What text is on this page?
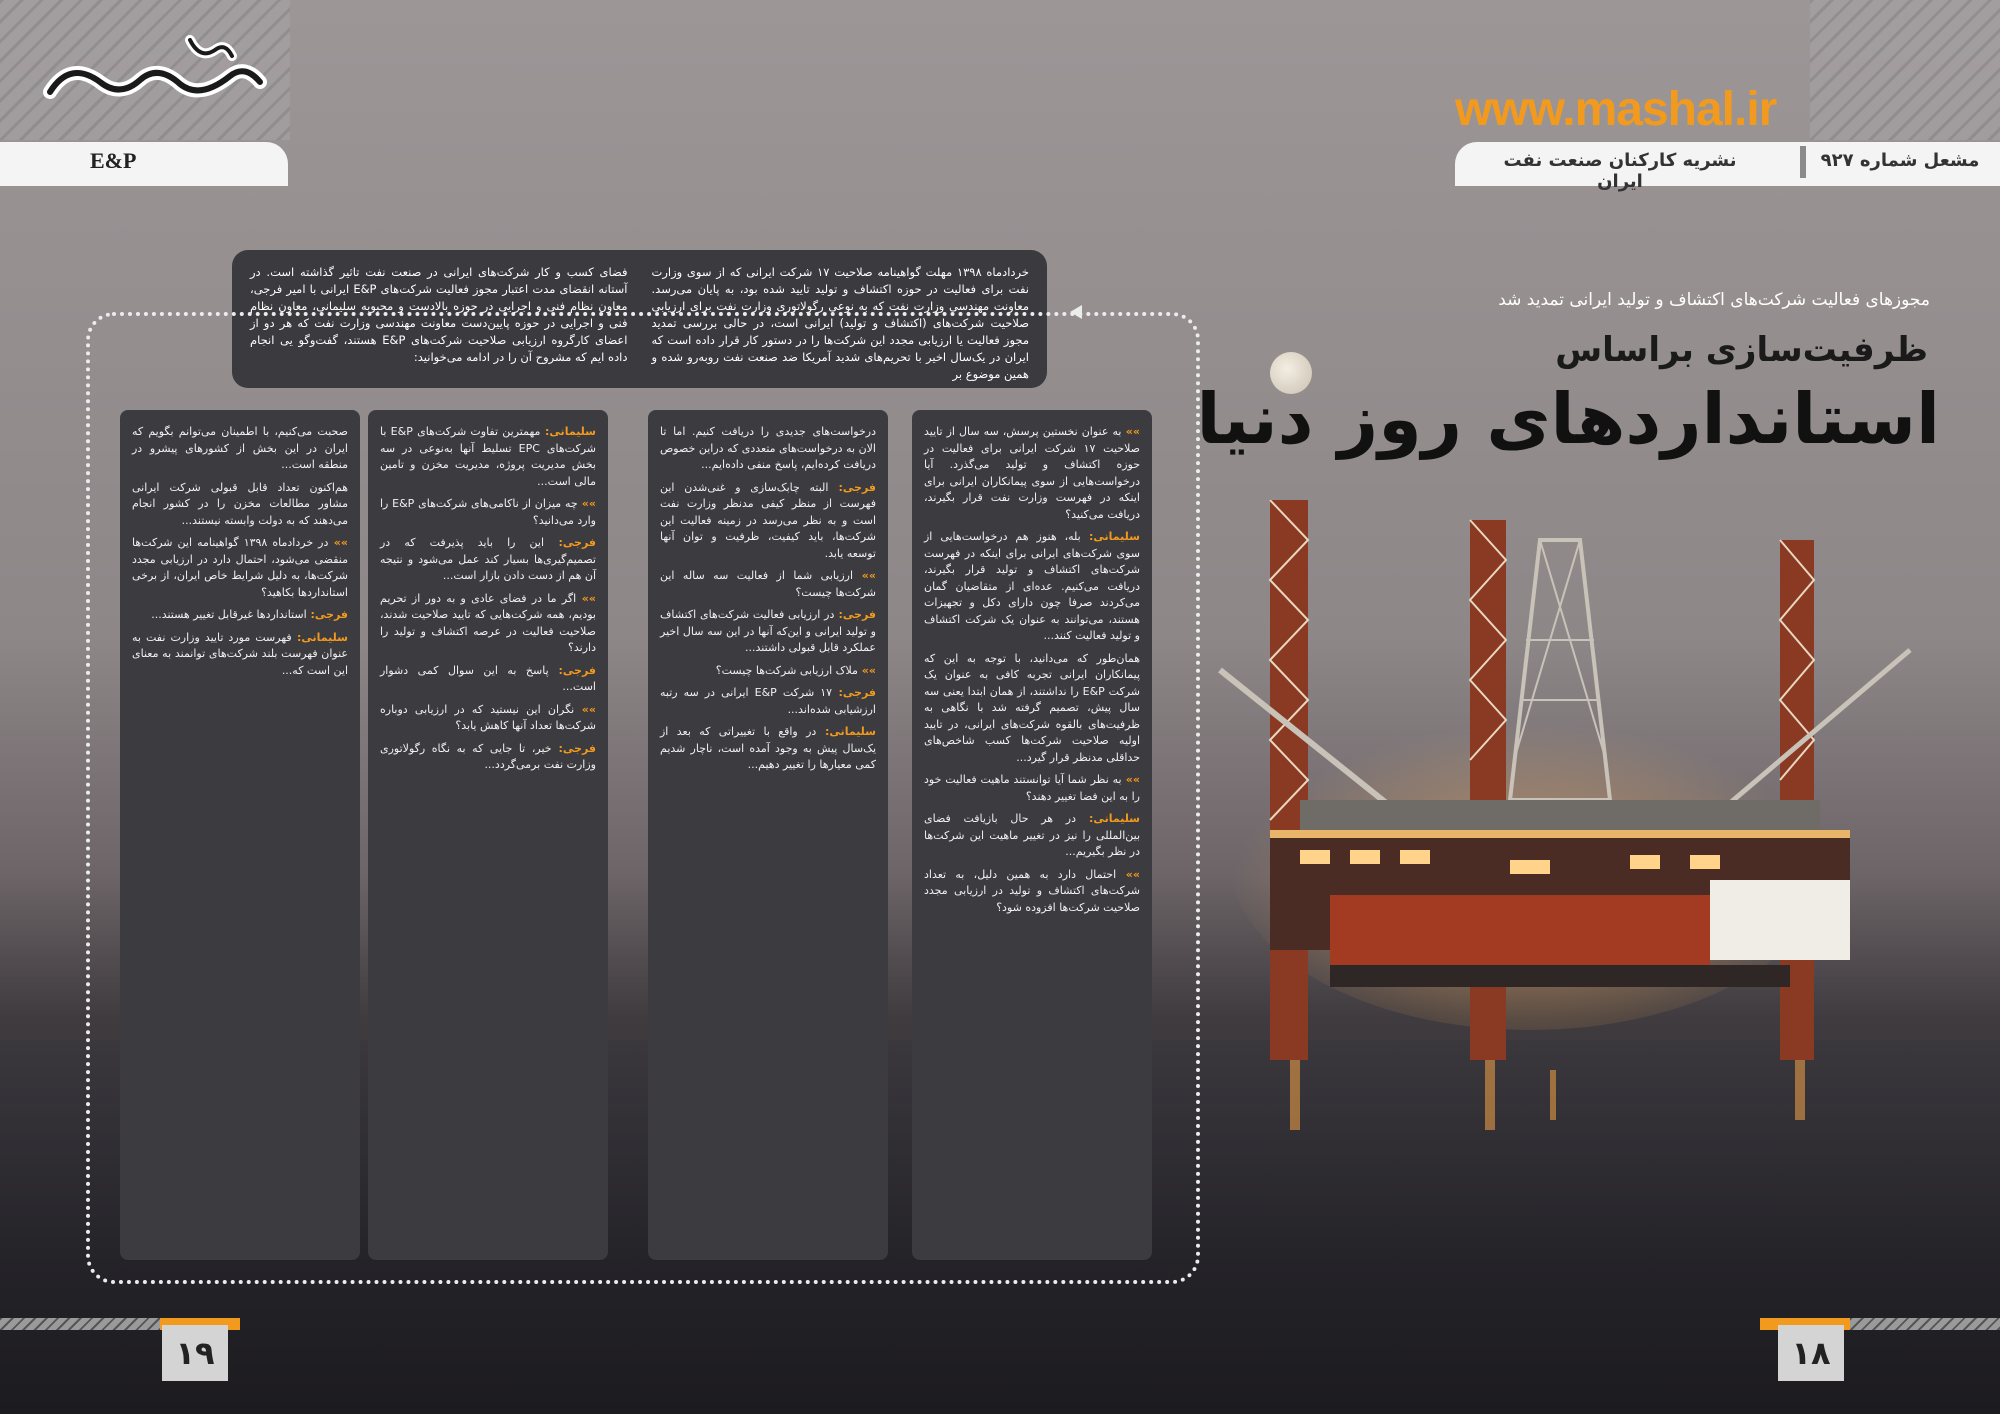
E&P
www.mashal.ir
نشریه کارکنان صنعت نفت ایران
مشعل شماره ۹۲۷
مجوزهای فعالیت شرکت‌های اکتشاف و تولید ایرانی تمدید شد
ظرفیت‌سازی براساس
استانداردهای روز دنیا

خردادماه ۱۳۹۸ مهلت گواهینامه صلاحیت ۱۷ شرکت ایرانی که از سوی وزارت نفت برای فعالیت در حوزه اکتشاف و تولید تایید شده بود، به پایان می‌رسد. معاونت مهندسی وزارت نفت که به نوعی رگولاتوری وزارت نفت برای ارزیابی صلاحیت شرکت‌های (اکتشاف و تولید) ایرانی است، در حالی بررسی تمدید مجوز فعالیت یا ارزیابی مجدد این شرکت‌ها را در دستور کار قرار داده است که ایران در یک‌سال اخیر با تحریم‌های شدید آمریکا ضد صنعت نفت روبه‌رو شده و همین موضوع بر

فضای کسب و کار شرکت‌های ایرانی در صنعت نفت تاثیر گذاشته است. در آستانه انقضای مدت اعتبار مجوز فعالیت شرکت‌های E&P ایرانی با امیر فرجی، معاون نظام فنی و اجرایی در حوزه بالادست و محبوبه سلیمانی، معاون نظام فنی و اجرایی در حوزه پایین‌دست معاونت مهندسی وزارت نفت که هر دو از اعضای کارگروه ارزیابی صلاحیت شرکت‌های E&P هستند، گفت‌وگو یی انجام داده ایم که مشروح آن را در ادامه می‌خوانید:

»» به عنوان نخستین پرسش، سه سال از تایید صلاحیت ۱۷ شرکت ایرانی برای فعالیت در حوزه اکتشاف و تولید می‌گذرد. آیا درخواست‌هایی از سوی پیمانکاران ایرانی برای اینکه در فهرست وزارت نفت قرار بگیرند، دریافت می‌کنید؟

سلیمانی: بله، هنوز هم درخواست‌هایی از سوی شرکت‌های ایرانی برای اینکه در فهرست شرکت‌های اکتشاف و تولید قرار بگیرند، دریافت می‌کنیم. عده‌ای از متقاضیان گمان می‌کردند صرفا چون دارای دکل و تجهیزات هستند، می‌توانند به عنوان یک شرکت اکتشاف و تولید فعالیت کنند...

همان‌طور که می‌دانید، با توجه به این که پیمانکاران ایرانی تجربه کافی به عنوان یک شرکت E&P را نداشتند، از همان ابتدا یعنی سه سال پیش، تصمیم گرفته شد با نگاهی به ظرفیت‌های بالقوه شرکت‌های ایرانی، در تایید اولیه صلاحیت شرکت‌ها کسب شاخص‌های حداقلی مدنظر قرار گیرد...

»» به نظر شما آیا توانستند ماهیت فعالیت خود را به این فضا تغییر دهند؟

سلیمانی: در هر حال بازیافت فضای بین‌المللی را نیز در تغییر ماهیت این شرکت‌ها در نظر بگیریم...

»» احتمال دارد به همین دلیل، به تعداد شرکت‌های اکتشاف و تولید در ارزیابی مجدد صلاحیت شرکت‌ها افزوده شود؟

درخواست‌های جدیدی را دریافت کنیم. اما تا الان به درخواست‌های متعددی که دراین خصوص دریافت کرده‌ایم، پاسخ منفی داده‌ایم...

فرجی: البته چابک‌سازی و غنی‌شدن این فهرست از منظر کیفی مدنظر وزارت نفت است و به نظر می‌رسد در زمینه فعالیت این شرکت‌ها، باید کیفیت، ظرفیت و توان آنها توسعه یابد.

»» ارزیابی شما از فعالیت سه ساله این شرکت‌ها چیست؟

فرجی: در ارزیابی فعالیت شرکت‌های اکتشاف و تولید ایرانی و این‌که آنها در این سه سال اخیر عملکرد قابل قبولی داشتند...

»» ملاک ارزیابی شرکت‌ها چیست؟

فرجی: ۱۷ شرکت E&P ایرانی در سه رتبه ارزشیابی شده‌اند...

سلیمانی: در واقع با تغییراتی که بعد از یک‌سال پیش به وجود آمده است، ناچار شدیم کمی معیارها را تغییر دهیم...

سلیمانی: مهمترین تفاوت شرکت‌های E&P با شرکت‌های EPC تسلیط آنها به‌نوعی در سه بخش مدیریت پروژه، مدیریت مخزن و تامین مالی است...

»» چه میزان از ناکامی‌های شرکت‌های E&P را وارد می‌دانید؟

فرجی: این را باید پذیرفت که در تصمیم‌گیری‌ها بسیار کند عمل می‌شود و نتیجه آن هم از دست دادن بازار است...

»» اگر ما در فضای عادی و به دور از تحریم بودیم، همه شرکت‌هایی که تایید صلاحیت شدند، صلاحیت فعالیت در عرصه اکتشاف و تولید را دارند؟

فرجی: پاسخ به این سوال کمی دشوار است...

»» نگران این نیستید که در ارزیابی دوباره شرکت‌ها تعداد آنها کاهش یابد؟

فرجی: خیر، تا جایی که به نگاه رگولاتوری وزارت نفت برمی‌گردد...

صحبت می‌کنیم، با اطمینان می‌توانم بگویم که ایران در این بخش از کشورهای پیشرو در منطقه است...

هم‌اکنون تعداد قابل قبولی شرکت ایرانی مشاور مطالعات مخزن را در کشور انجام می‌دهند که به دولت وابسته نیستند...

»» در خردادماه ۱۳۹۸ گواهینامه این شرکت‌ها منقضی می‌شود، احتمال دارد در ارزیابی مجدد شرکت‌ها، به دلیل شرایط خاص ایران، از برخی استانداردها بکاهید؟

فرجی: استانداردها غیرقابل تغییر هستند...

سلیمانی: فهرست مورد تایید وزارت نفت به عنوان فهرست بلند شرکت‌های توانمند به معنای این است که...

۱۹	۱۸
